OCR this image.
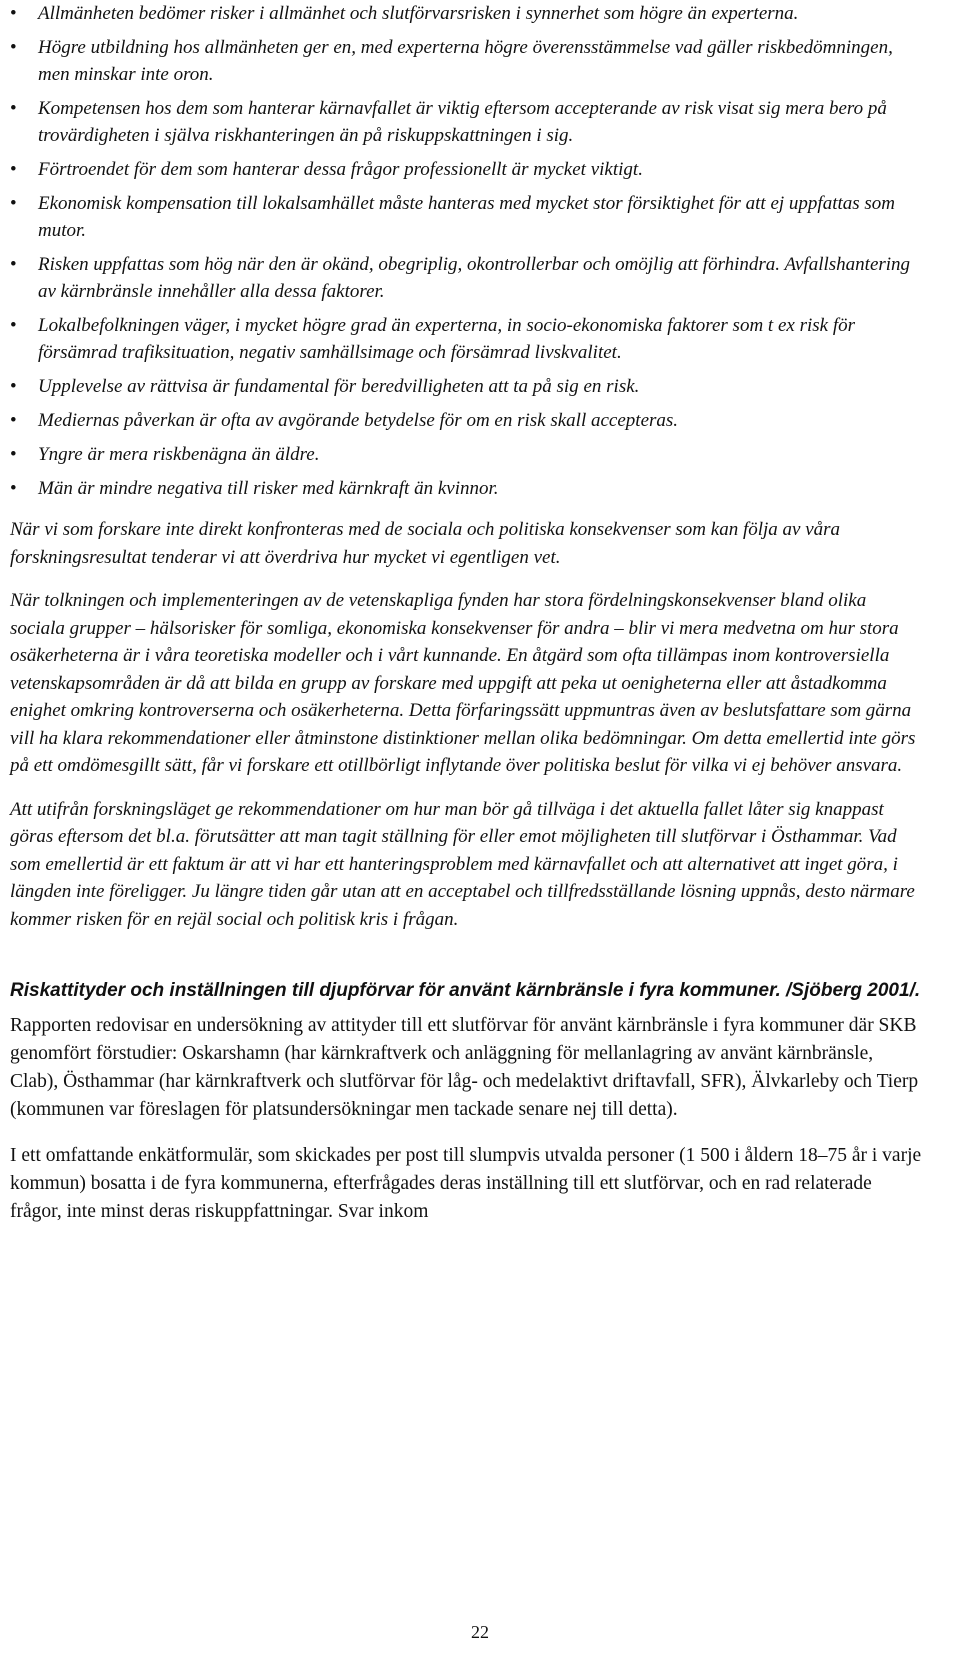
• Allmänheten bedömer risker i allmänhet och slutförvarsrisken i synnerhet som högre än experterna.
• Högre utbildning hos allmänheten ger en, med experterna högre överensstämmelse vad gäller riskbedömningen, men minskar inte oron.
• Kompetensen hos dem som hanterar kärnavfallet är viktig eftersom accepterande av risk visat sig mera bero på trovärdigheten i själva riskhanteringen än på riskuppskattningen i sig.
• Förtroendet för dem som hanterar dessa frågor professionellt är mycket viktigt.
• Ekonomisk kompensation till lokalsamhället måste hanteras med mycket stor försiktighet för att ej uppfattas som mutor.
• Risken uppfattas som hög när den är okänd, obegriplig, okontrollerbar och omöjlig att förhindra. Avfallshantering av kärnbränsle innehåller alla dessa faktorer.
• Lokalbefolkningen väger, i mycket högre grad än experterna, in socio-ekonomiska faktorer som t ex risk för försämrad trafiksituation, negativ samhällsimage och försämrad livskvalitet.
• Upplevelse av rättvisa är fundamental för beredvilligheten att ta på sig en risk.
• Mediernas påverkan är ofta av avgörande betydelse för om en risk skall accepteras.
• Yngre är mera riskbenägna än äldre.
• Män är mindre negativa till risker med kärnkraft än kvinnor.

När vi som forskare inte direkt konfronteras med de sociala och politiska konsekvenser som kan följa av våra forskningsresultat tenderar vi att överdriva hur mycket vi egentligen vet.

När tolkningen och implementeringen av de vetenskapliga fynden har stora fördelningskonsekvenser bland olika sociala grupper – hälsorisker för somliga, ekonomiska konsekvenser för andra – blir vi mera medvetna om hur stora osäkerheterna är i våra teoretiska modeller och i vårt kunnande. En åtgärd som ofta tillämpas inom kontroversiella vetenskapsområden är då att bilda en grupp av forskare med uppgift att peka ut oenigheterna eller att åstadkomma enighet omkring kontroverserna och osäkerheterna. Detta förfaringssätt uppmuntras även av beslutsfattare som gärna vill ha klara rekommendationer eller åtminstone distinktioner mellan olika bedömningar. Om detta emellertid inte görs på ett omdömesgillt sätt, får vi forskare ett otillbörligt inflytande över politiska beslut för vilka vi ej behöver ansvara.

Att utifrån forskningsläget ge rekommendationer om hur man bör gå tillväga i det aktuella fallet låter sig knappast göras eftersom det bl.a. förutsätter att man tagit ställning för eller emot möjligheten till slutförvar i Östhammar. Vad som emellertid är ett faktum är att vi har ett hanteringsproblem med kärnavfallet och att alternativet att inget göra, i längden inte föreligger. Ju längre tiden går utan att en acceptabel och tillfredsställande lösning uppnås, desto närmare kommer risken för en rejäl social och politisk kris i frågan.

Riskattityder och inställningen till djupförvar för använt kärnbränsle i fyra kommuner. /Sjöberg 2001/.

Rapporten redovisar en undersökning av attityder till ett slutförvar för använt kärnbränsle i fyra kommuner där SKB genomfört förstudier: Oskarshamn (har kärnkraftverk och anläggning för mellanlagring av använt kärnbränsle, Clab), Östhammar (har kärnkraftverk och slutförvar för låg- och medelaktivt driftavfall, SFR), Älvkarleby och Tierp (kommunen var föreslagen för platsundersökningar men tackade senare nej till detta).

I ett omfattande enkätformulär, som skickades per post till slumpvis utvalda personer (1 500 i åldern 18–75 år i varje kommun) bosatta i de fyra kommunerna, efterfrågades deras inställning till ett slutförvar, och en rad relaterade frågor, inte minst deras riskuppfattningar. Svar inkom

22
